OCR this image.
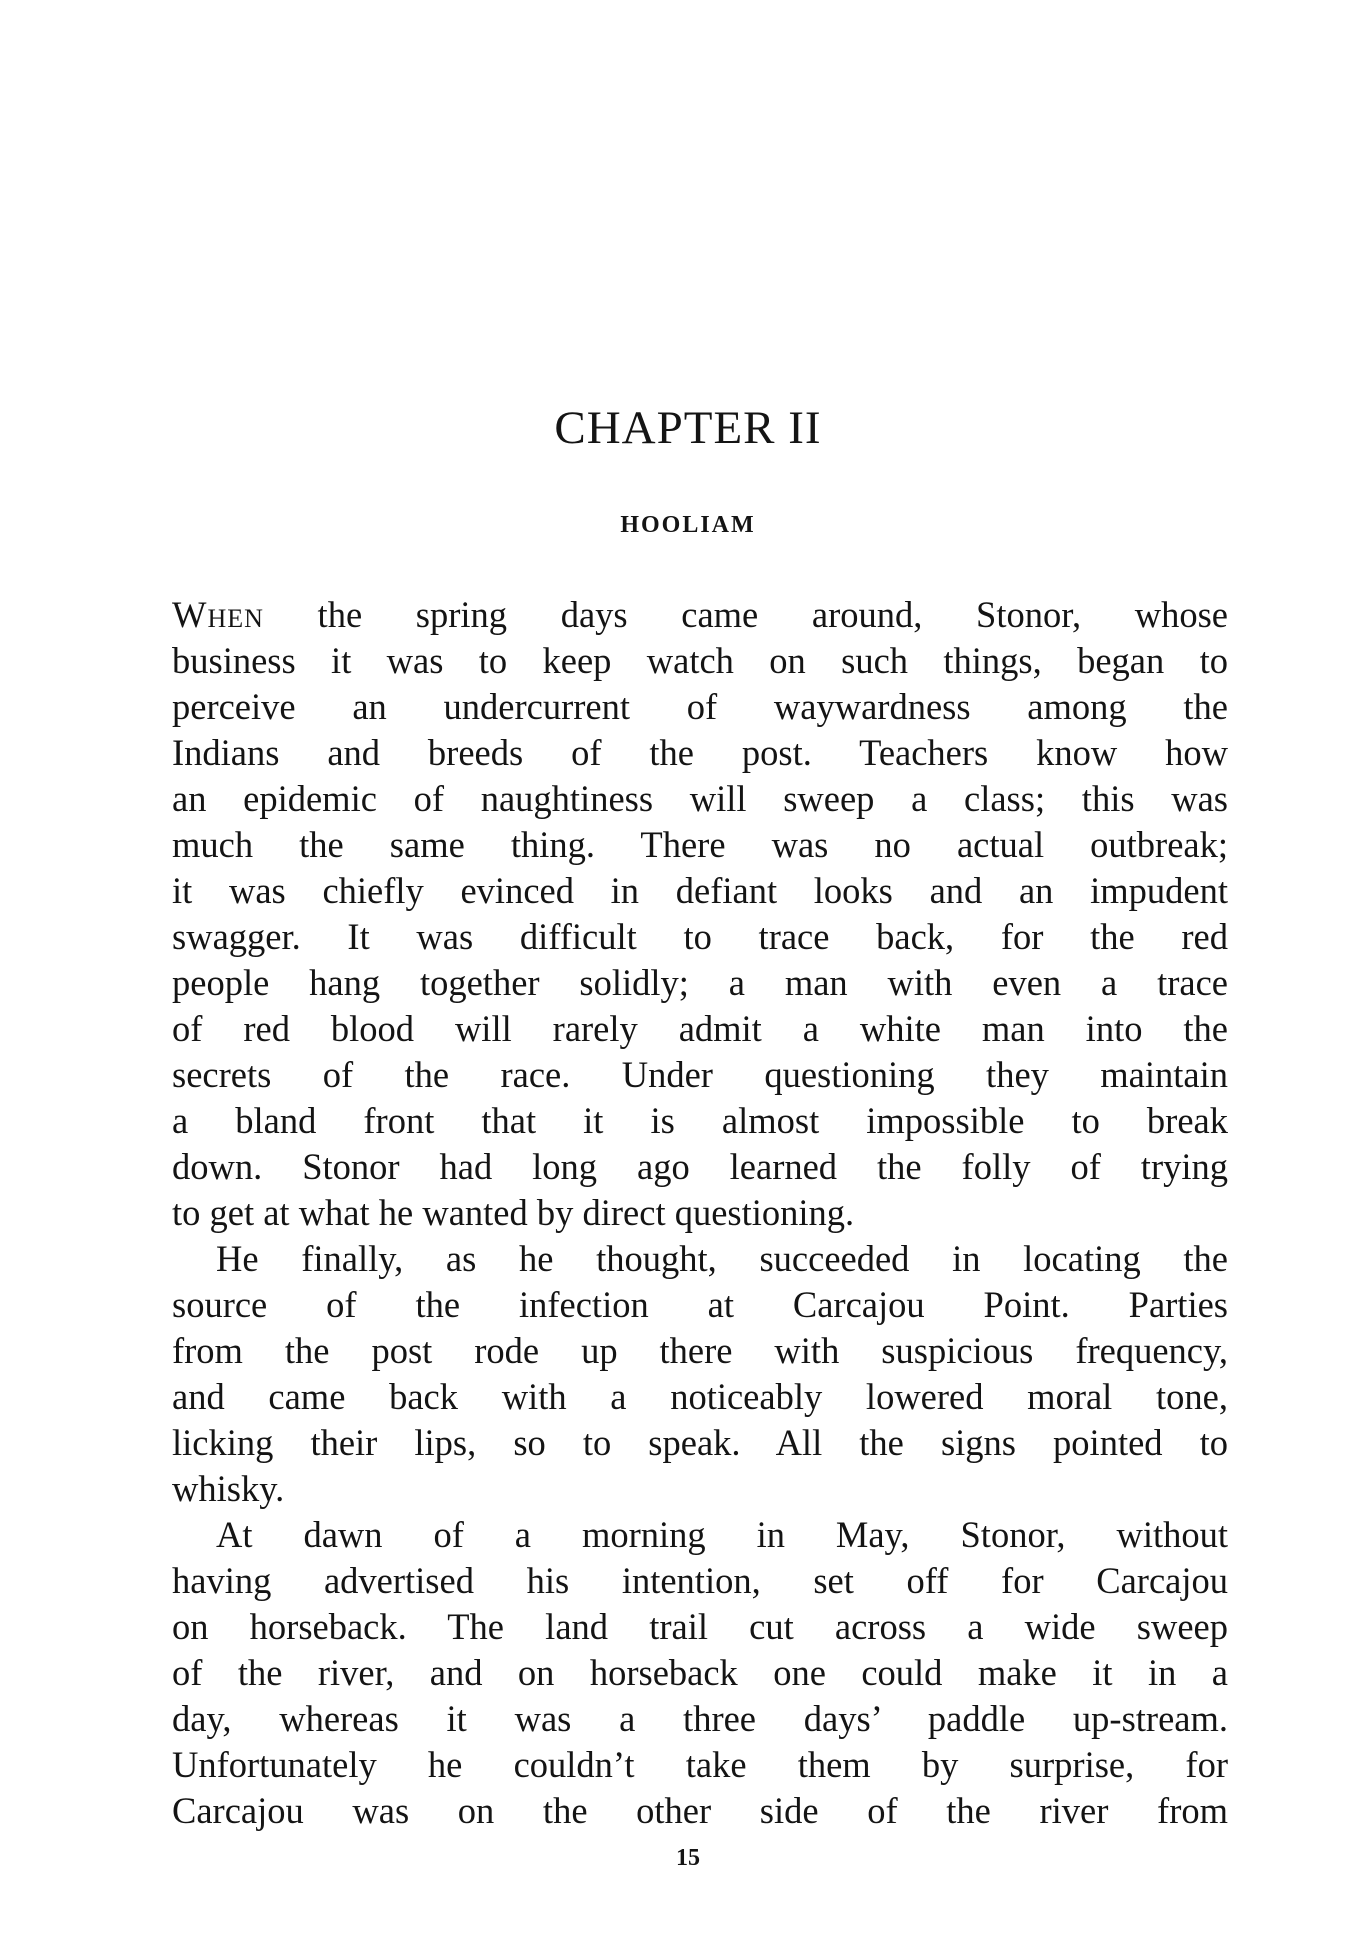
CHAPTER II
HOOLIAM
When the spring days came around, Stonor, whose
business it was to keep watch on such things, began to
perceive an undercurrent of waywardness among the
Indians and breeds of the post. Teachers know how
an epidemic of naughtiness will sweep a class; this was
much the same thing. There was no actual outbreak;
it was chiefly evinced in defiant looks and an impudent
swagger. It was difficult to trace back, for the red
people hang together solidly; a man with even a trace
of red blood will rarely admit a white man into the
secrets of the race. Under questioning they maintain
a bland front that it is almost impossible to break
down. Stonor had long ago learned the folly of trying
to get at what he wanted by direct questioning.
He finally, as he thought, succeeded in locating the
source of the infection at Carcajou Point. Parties
from the post rode up there with suspicious frequency,
and came back with a noticeably lowered moral tone,
licking their lips, so to speak. All the signs pointed to
whisky.
At dawn of a morning in May, Stonor, without
having advertised his intention, set off for Carcajou
on horseback. The land trail cut across a wide sweep
of the river, and on horseback one could make it in a
day, whereas it was a three days’ paddle up-stream.
Unfortunately he couldn’t take them by surprise, for
Carcajou was on the other side of the river from
15
